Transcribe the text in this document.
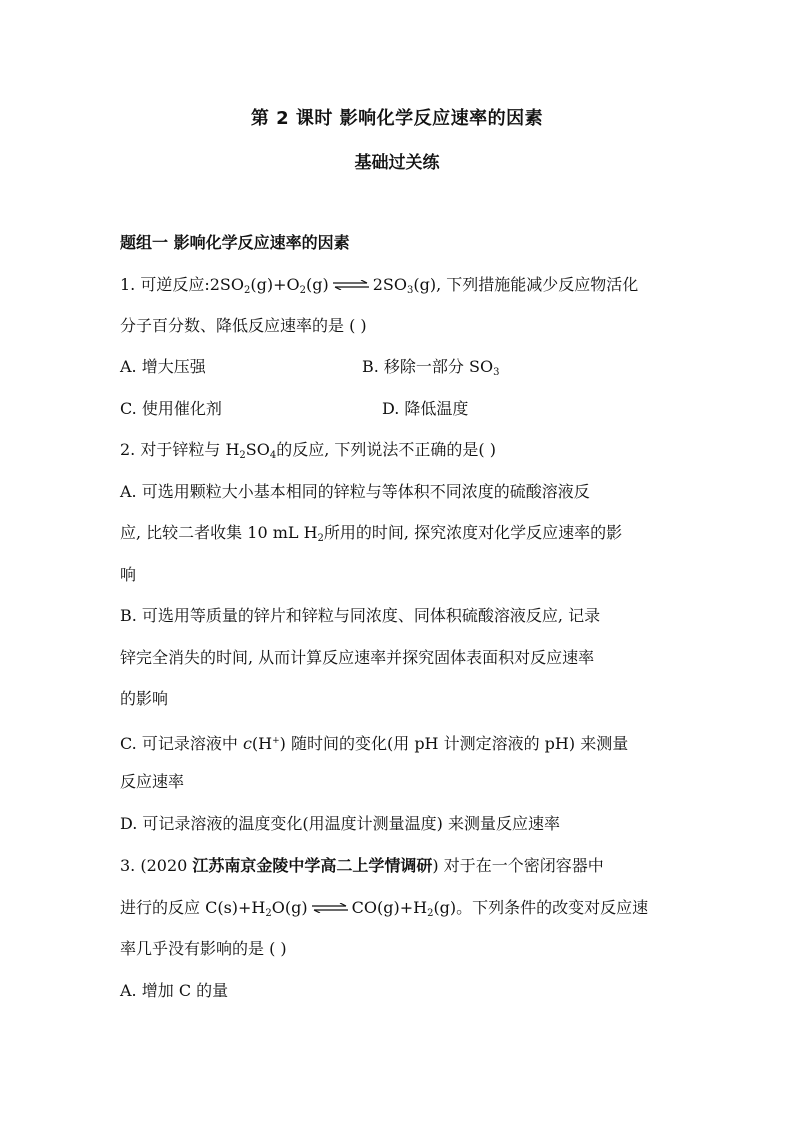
第 2 课时 影响化学反应速率的因素
基础过关练
题组一 影响化学反应速率的因素
1. 可逆反应$:2SO_2(g)+O_2(g)$ ⇌ $2SO_3(g)$, 下列措施能减少反应物活化
分子百分数、降低反应速率的是 ( )
A. 增大压强	B. 移除一部分 $SO_3$
C. 使用催化剂	D. 降低温度
2. 对于锌粒与 $H_2SO_4$的反应, 下列说法不正确的是( )
A. 可选用颗粒大小基本相同的锌粒与等体积不同浓度的硫酸溶液反
应, 比较二者收集 10 mL $H_2$所用的时间, 探究浓度对化学反应速率的影
响
B. 可选用等质量的锌片和锌粒与同浓度、同体积硫酸溶液反应, 记录
锌完全消失的时间, 从而计算反应速率并探究固体表面积对反应速率
的影响
C. 可记录溶液中 c(H+) 随时间的变化(用 pH 计测定溶液的 pH) 来测量
反应速率
D. 可记录溶液的温度变化(用温度计测量温度) 来测量反应速率
3. (2020 江苏南京金陵中学高二上学情调研) 对于在一个密闭容器中
进行的反应 $C(s)+H_2O(g)$ ⇌ $CO(g)+H_2(g)$。下列条件的改变对反应速
率几乎没有影响的是 ( )
A. 增加 C 的量
